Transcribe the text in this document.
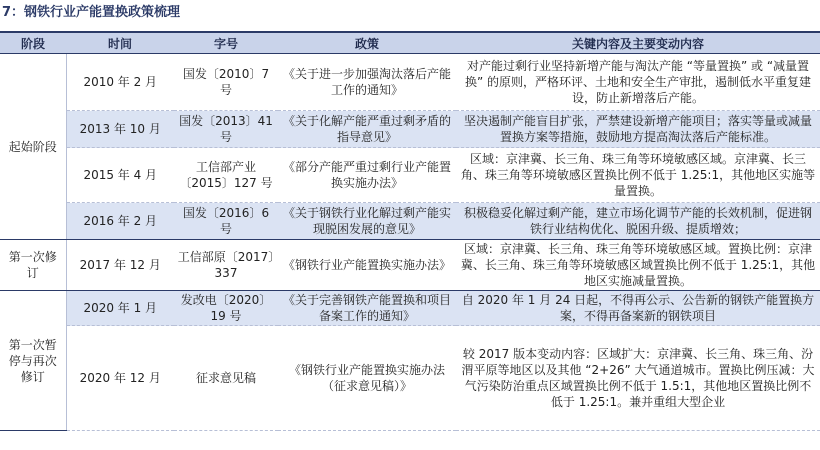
7：钢铁行业产能置换政策梳理
阶段	时间	字号	政策	关键内容及主要变动内容
起始阶段	2010 年 2 月	国发〔2010〕7 号	《关于进一步加强淘汰落后产能工作的通知》	对产能过剩行业坚持新增产能与淘汰产能 “等量置换” 或 “减量置换” 的原则，严格环评、土地和安全生产审批，遏制低水平重复建设，防止新增落后产能。
	2013 年 10 月	国发〔2013〕41 号	《关于化解产能严重过剩矛盾的指导意见》	坚决遏制产能盲目扩张，严禁建设新增产能项目；落实等量或减量置换方案等措施，鼓励地方提高淘汰落后产能标准。
	2015 年 4 月	工信部产业〔2015〕127 号	《部分产能严重过剩行业产能置换实施办法》	区域：京津冀、长三角、珠三角等环境敏感区域。京津冀、长三角、珠三角等环境敏感区置换比例不低于 1.25:1，其他地区实施等量置换。
	2016 年 2 月	国发〔2016〕6 号	《关于钢铁行业化解过剩产能实现脱困发展的意见》	积极稳妥化解过剩产能，建立市场化调节产能的长效机制，促进钢铁行业结构优化、脱困升级、提质增效；
第一次修订	2017 年 12 月	工信部原〔2017〕337	《钢铁行业产能置换实施办法》	区域：京津冀、长三角、珠三角等环境敏感区域。置换比例：京津冀、长三角、珠三角等环境敏感区域置换比例不低于 1.25:1，其他地区实施减量置换。
第一次暂停与再次修订	2020 年 1 月	发改电〔2020〕19 号	《关于完善钢铁产能置换和项目备案工作的通知》	自 2020 年 1 月 24 日起，不得再公示、公告新的钢铁产能置换方案，不得再备案新的钢铁项目
	2020 年 12 月	征求意见稿	《钢铁行业产能置换实施办法（征求意见稿）》	较 2017 版本变动内容：区域扩大：京津冀、长三角、珠三角、汾渭平原等地区以及其他 “2+26” 大气通道城市。置换比例压减：大气污染防治重点区域置换比例不低于 1.5:1，其他地区置换比例不低于 1.25:1。兼并重组大型企业
